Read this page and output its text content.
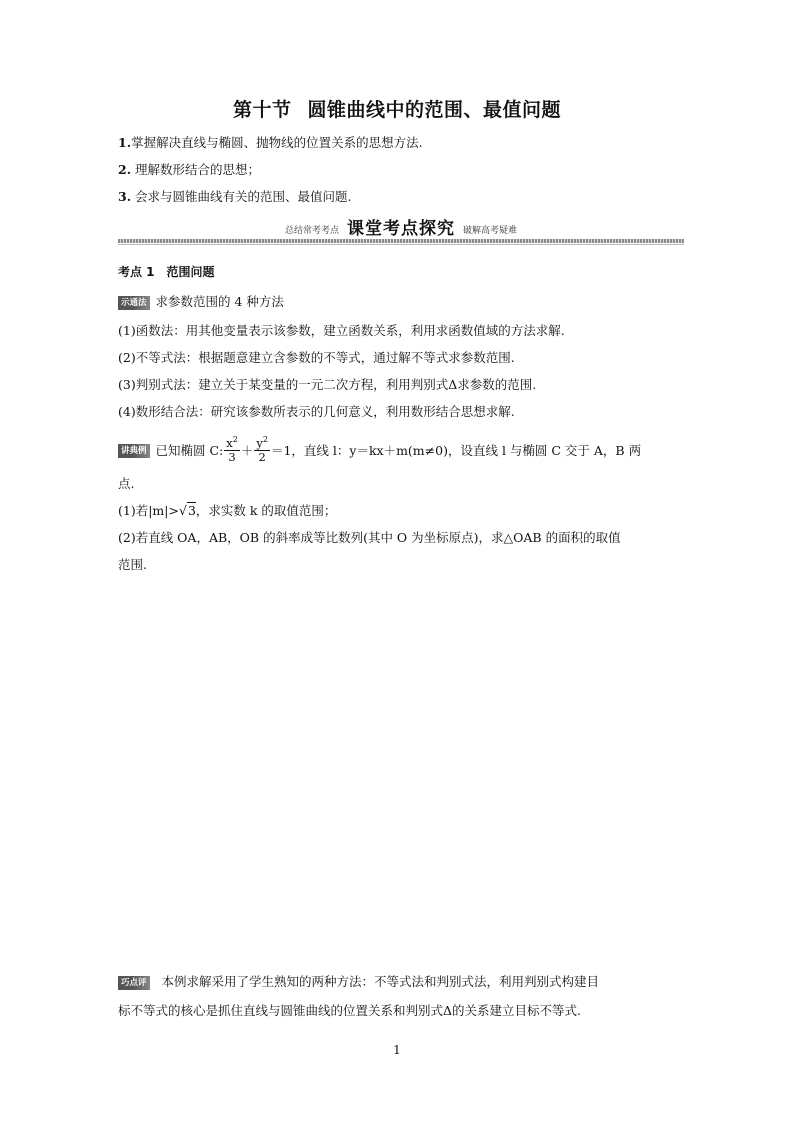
第十节 圆锥曲线中的范围、最值问题
1.掌握解决直线与椭圆、抛物线的位置关系的思想方法.
2. 理解数形结合的思想；
3. 会求与圆锥曲线有关的范围、最值问题.
总结常考考点 课堂考点探究 破解高考疑难
考点 1　范围问题
示通法 求参数范围的 4 种方法
(1)函数法：用其他变量表示该参数，建立函数关系，利用求函数值域的方法求解.
(2)不等式法：根据题意建立含参数的不等式，通过解不等式求参数范围.
(3)判别式法：建立关于某变量的一元二次方程，利用判别式Δ求参数的范围.
(4)数形结合法：研究该参数所表示的几何意义，利用数形结合思想求解.
讲典例 已知椭圆 C: $\frac{x^2}{3} + \frac{y^2}{2} =1$，直线 l：y＝kx＋m(m≠0)，设直线 l 与椭圆 C 交于 A，B 两
点.
(1)若|m|>√3，求实数 k 的取值范围；
(2)若直线 OA，AB，OB 的斜率成等比数列(其中 O 为坐标原点)，求△OAB 的面积的取值
范围.
巧点评 本例求解采用了学生熟知的两种方法：不等式法和判别式法，利用判别式构建目
标不等式的核心是抓住直线与圆锥曲线的位置关系和判别式Δ的关系建立目标不等式.
1
